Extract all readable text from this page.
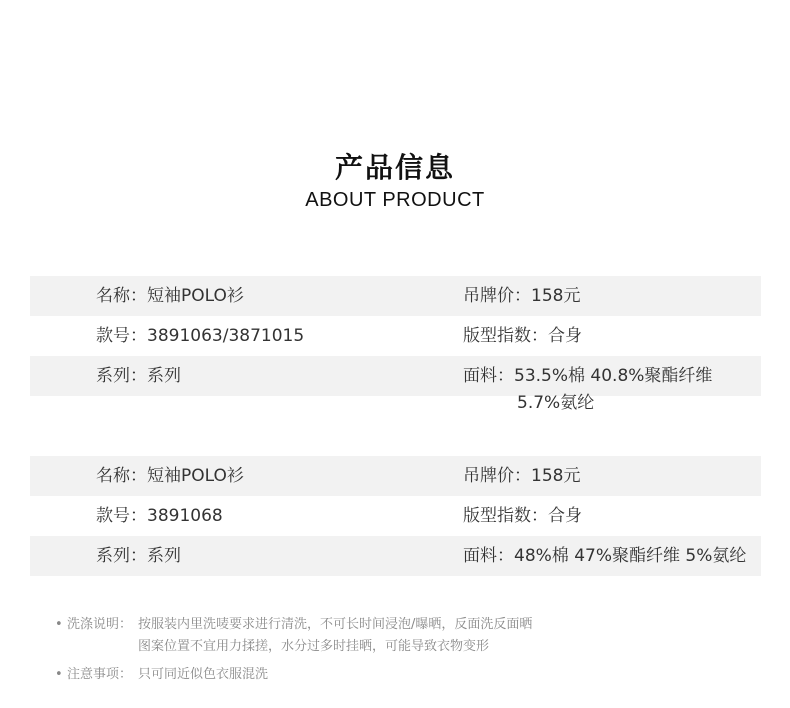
产品信息
ABOUT PRODUCT
名称：短袖POLO衫	吊牌价：158元
款号：3891063/3871015	版型指数：合身
系列：系列	面料：53.5%棉 40.8%聚酯纤维
5.7%氨纶
名称：短袖POLO衫	吊牌价：158元
款号：3891068	版型指数：合身
系列：系列	面料：48%棉 47%聚酯纤维 5%氨纶
• 洗涤说明： 按服装内里洗唛要求进行清洗，不可长时间浸泡/曝晒，反面洗反面晒
图案位置不宜用力揉搓，水分过多时挂晒，可能导致衣物变形
• 注意事项： 只可同近似色衣服混洗
